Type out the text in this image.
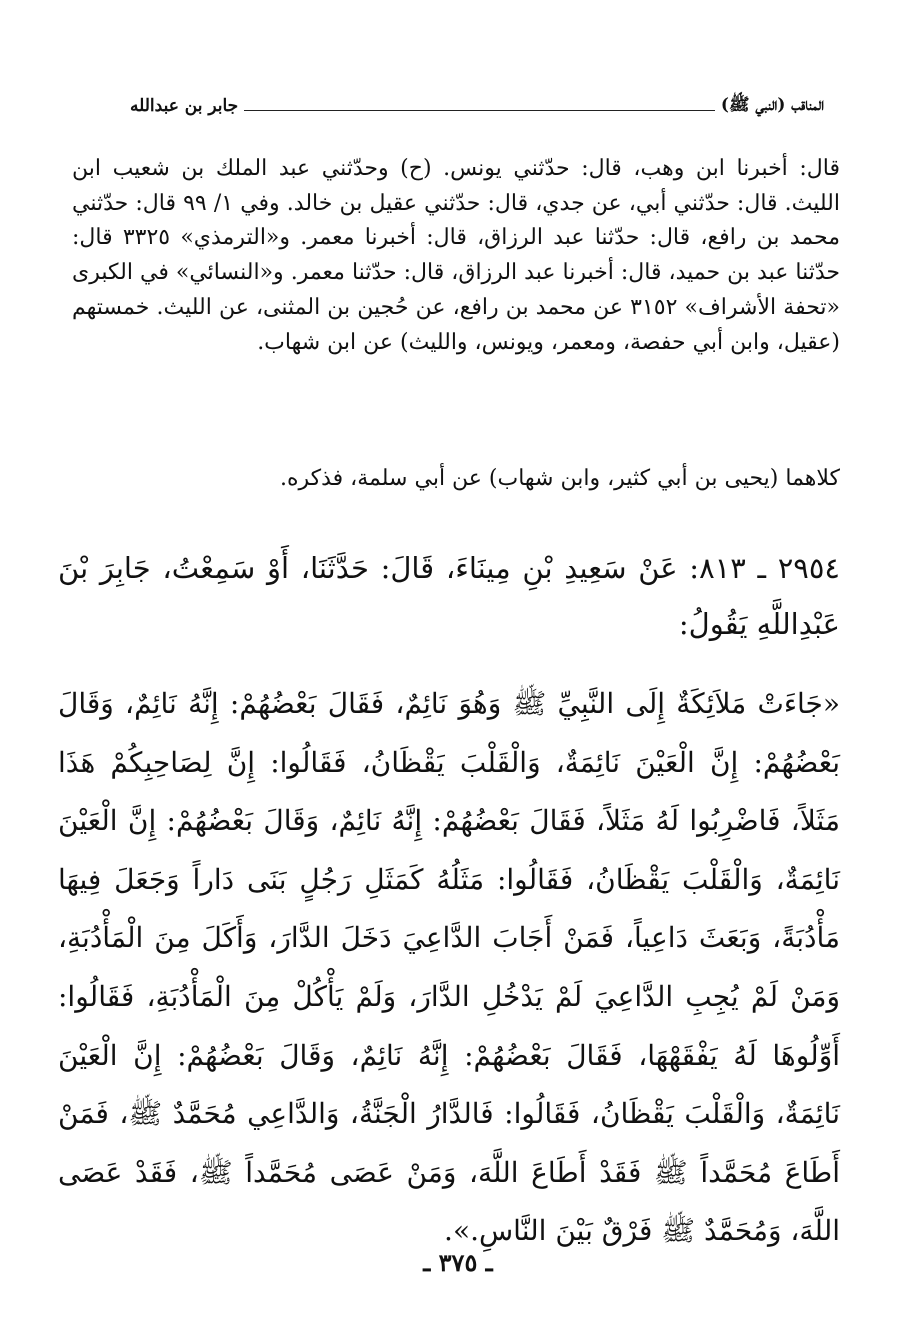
المناقب (النبي ﷺ)
جابر بن عبدالله
قال: أخبرنا ابن وهب، قال: حدّثني يونس. (ح) وحدّثني عبد الملك بن شعيب ابن الليث. قال: حدّثني أبي، عن جدي، قال: حدّثني عقيل بن خالد. وفي ١/ ٩٩ قال: حدّثني محمد بن رافع، قال: حدّثنا عبد الرزاق، قال: أخبرنا معمر. و«الترمذي» ٣٣٢٥ قال: حدّثنا عبد بن حميد، قال: أخبرنا عبد الرزاق، قال: حدّثنا معمر. و«النسائي» في الكبرى «تحفة الأشراف» ٣١٥٢ عن محمد بن رافع، عن حُجين بن المثنى، عن الليث. خمستهم (عقيل، وابن أبي حفصة، ومعمر، ويونس، والليث) عن ابن شهاب.
كلاهما (يحيى بن أبي كثير، وابن شهاب) عن أبي سلمة، فذكره.
٢٩٥٤ ـ ٨١٣: عَنْ سَعِيدِ بْنِ مِينَاءَ، قَالَ: حَدَّثَنَا، أَوْ سَمِعْتُ، جَابِرَ بْنَ عَبْدِاللَّهِ يَقُولُ:
«جَاءَتْ مَلاَئِكَةٌ إِلَى النَّبِيِّ ﷺ وَهُوَ نَائِمٌ، فَقَالَ بَعْضُهُمْ: إِنَّهُ نَائِمٌ، وَقَالَ بَعْضُهُمْ: إِنَّ الْعَيْنَ نَائِمَةٌ، وَالْقَلْبَ يَقْظَانُ، فَقَالُوا: إِنَّ لِصَاحِبِكُمْ هَذَا مَثَلاً، فَاضْرِبُوا لَهُ مَثَلاً، فَقَالَ بَعْضُهُمْ: إِنَّهُ نَائِمٌ، وَقَالَ بَعْضُهُمْ: إِنَّ الْعَيْنَ نَائِمَةٌ، وَالْقَلْبَ يَقْظَانُ، فَقَالُوا: مَثَلُهُ كَمَثَلِ رَجُلٍ بَنَى دَاراً وَجَعَلَ فِيهَا مَأْدُبَةً، وَبَعَثَ دَاعِياً، فَمَنْ أَجَابَ الدَّاعِيَ دَخَلَ الدَّارَ، وَأَكَلَ مِنَ الْمَأْدُبَةِ، وَمَنْ لَمْ يُجِبِ الدَّاعِيَ لَمْ يَدْخُلِ الدَّارَ، وَلَمْ يَأْكُلْ مِنَ الْمَأْدُبَةِ، فَقَالُوا: أَوِّلُوهَا لَهُ يَفْقَهْهَا، فَقَالَ بَعْضُهُمْ: إِنَّهُ نَائِمٌ، وَقَالَ بَعْضُهُمْ: إِنَّ الْعَيْنَ نَائِمَةٌ، وَالْقَلْبَ يَقْظَانُ، فَقَالُوا: فَالدَّارُ الْجَنَّةُ، وَالدَّاعِي مُحَمَّدٌ ﷺ، فَمَنْ أَطَاعَ مُحَمَّداً ﷺ فَقَدْ أَطَاعَ اللَّهَ، وَمَنْ عَصَى مُحَمَّداً ﷺ، فَقَدْ عَصَى اللَّهَ، وَمُحَمَّدٌ ﷺ فَرْقٌ بَيْنَ النَّاسِ.».
ـ ٣٧٥ ـ
